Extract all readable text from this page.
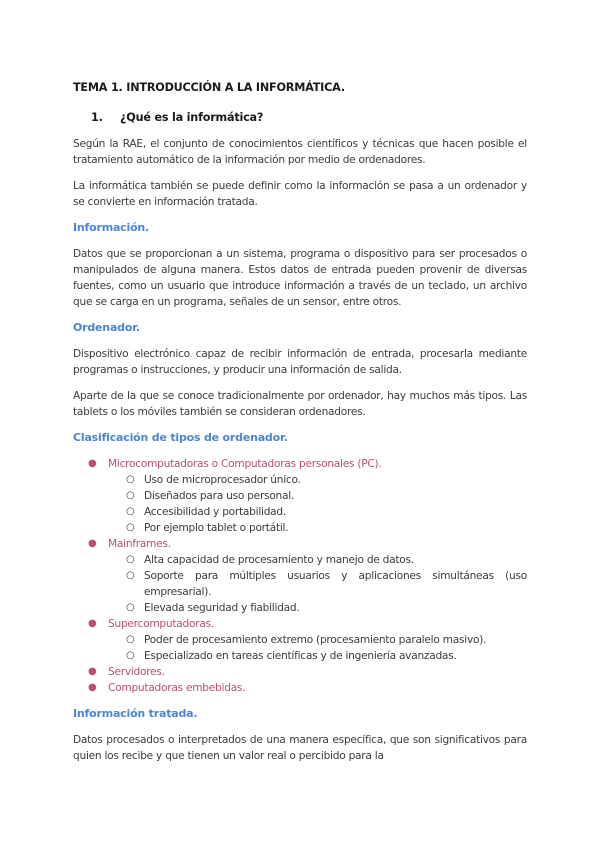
TEMA 1. INTRODUCCIÓN A LA INFORMÁTICA.
1. ¿Qué es la informática?

Según la RAE, el conjunto de conocimientos científicos y técnicas que hacen posible el tratamiento automático de la información por medio de ordenadores.

La informática también se puede definir como la información se pasa a un ordenador y se convierte en información tratada.

Información.

Datos que se proporcionan a un sistema, programa o dispositivo para ser procesados o manipulados de alguna manera. Estos datos de entrada pueden provenir de diversas fuentes, como un usuario que introduce información a través de un teclado, un archivo que se carga en un programa, señales de un sensor, entre otros.

Ordenador.

Dispositivo electrónico capaz de recibir información de entrada, procesarla mediante programas o instrucciones, y producir una información de salida.

Aparte de la que se conoce tradicionalmente por ordenador, hay muchos más tipos. Las tablets o los móviles también se consideran ordenadores.

Clasificación de tipos de ordenador.
● Microcomputadoras o Computadoras personales (PC).
○ Uso de microprocesador único.
○ Diseñados para uso personal.
○ Accesibilidad y portabilidad.
○ Por ejemplo tablet o portátil.
● Mainframes.
○ Alta capacidad de procesamiento y manejo de datos.
○ Soporte para múltiples usuarios y aplicaciones simultáneas (uso empresarial).
○ Elevada seguridad y fiabilidad.
● Supercomputadoras.
○ Poder de procesamiento extremo (procesamiento paralelo masivo).
○ Especializado en tareas científicas y de ingeniería avanzadas.
● Servidores.
● Computadoras embebidas.
Información tratada.

Datos procesados o interpretados de una manera específica, que son significativos para quien los recibe y que tienen un valor real o percibido para la
